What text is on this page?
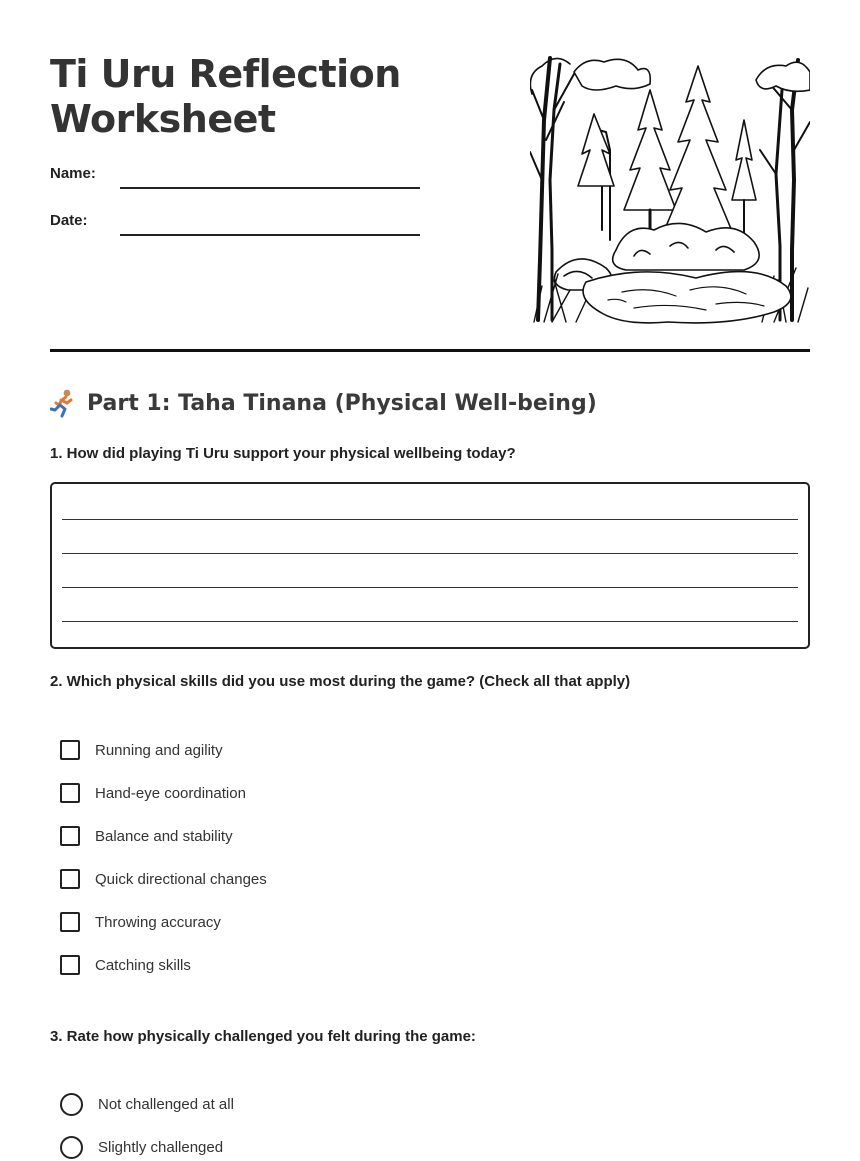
Ti Uru Reflection
Worksheet
Name:
Date:
Part 1: Taha Tinana (Physical Well-being)
1. How did playing Ti Uru support your physical wellbeing today?
2. Which physical skills did you use most during the game? (Check all that apply)
Running and agility
Hand-eye coordination
Balance and stability
Quick directional changes
Throwing accuracy
Catching skills
3. Rate how physically challenged you felt during the game:
Not challenged at all
Slightly challenged
